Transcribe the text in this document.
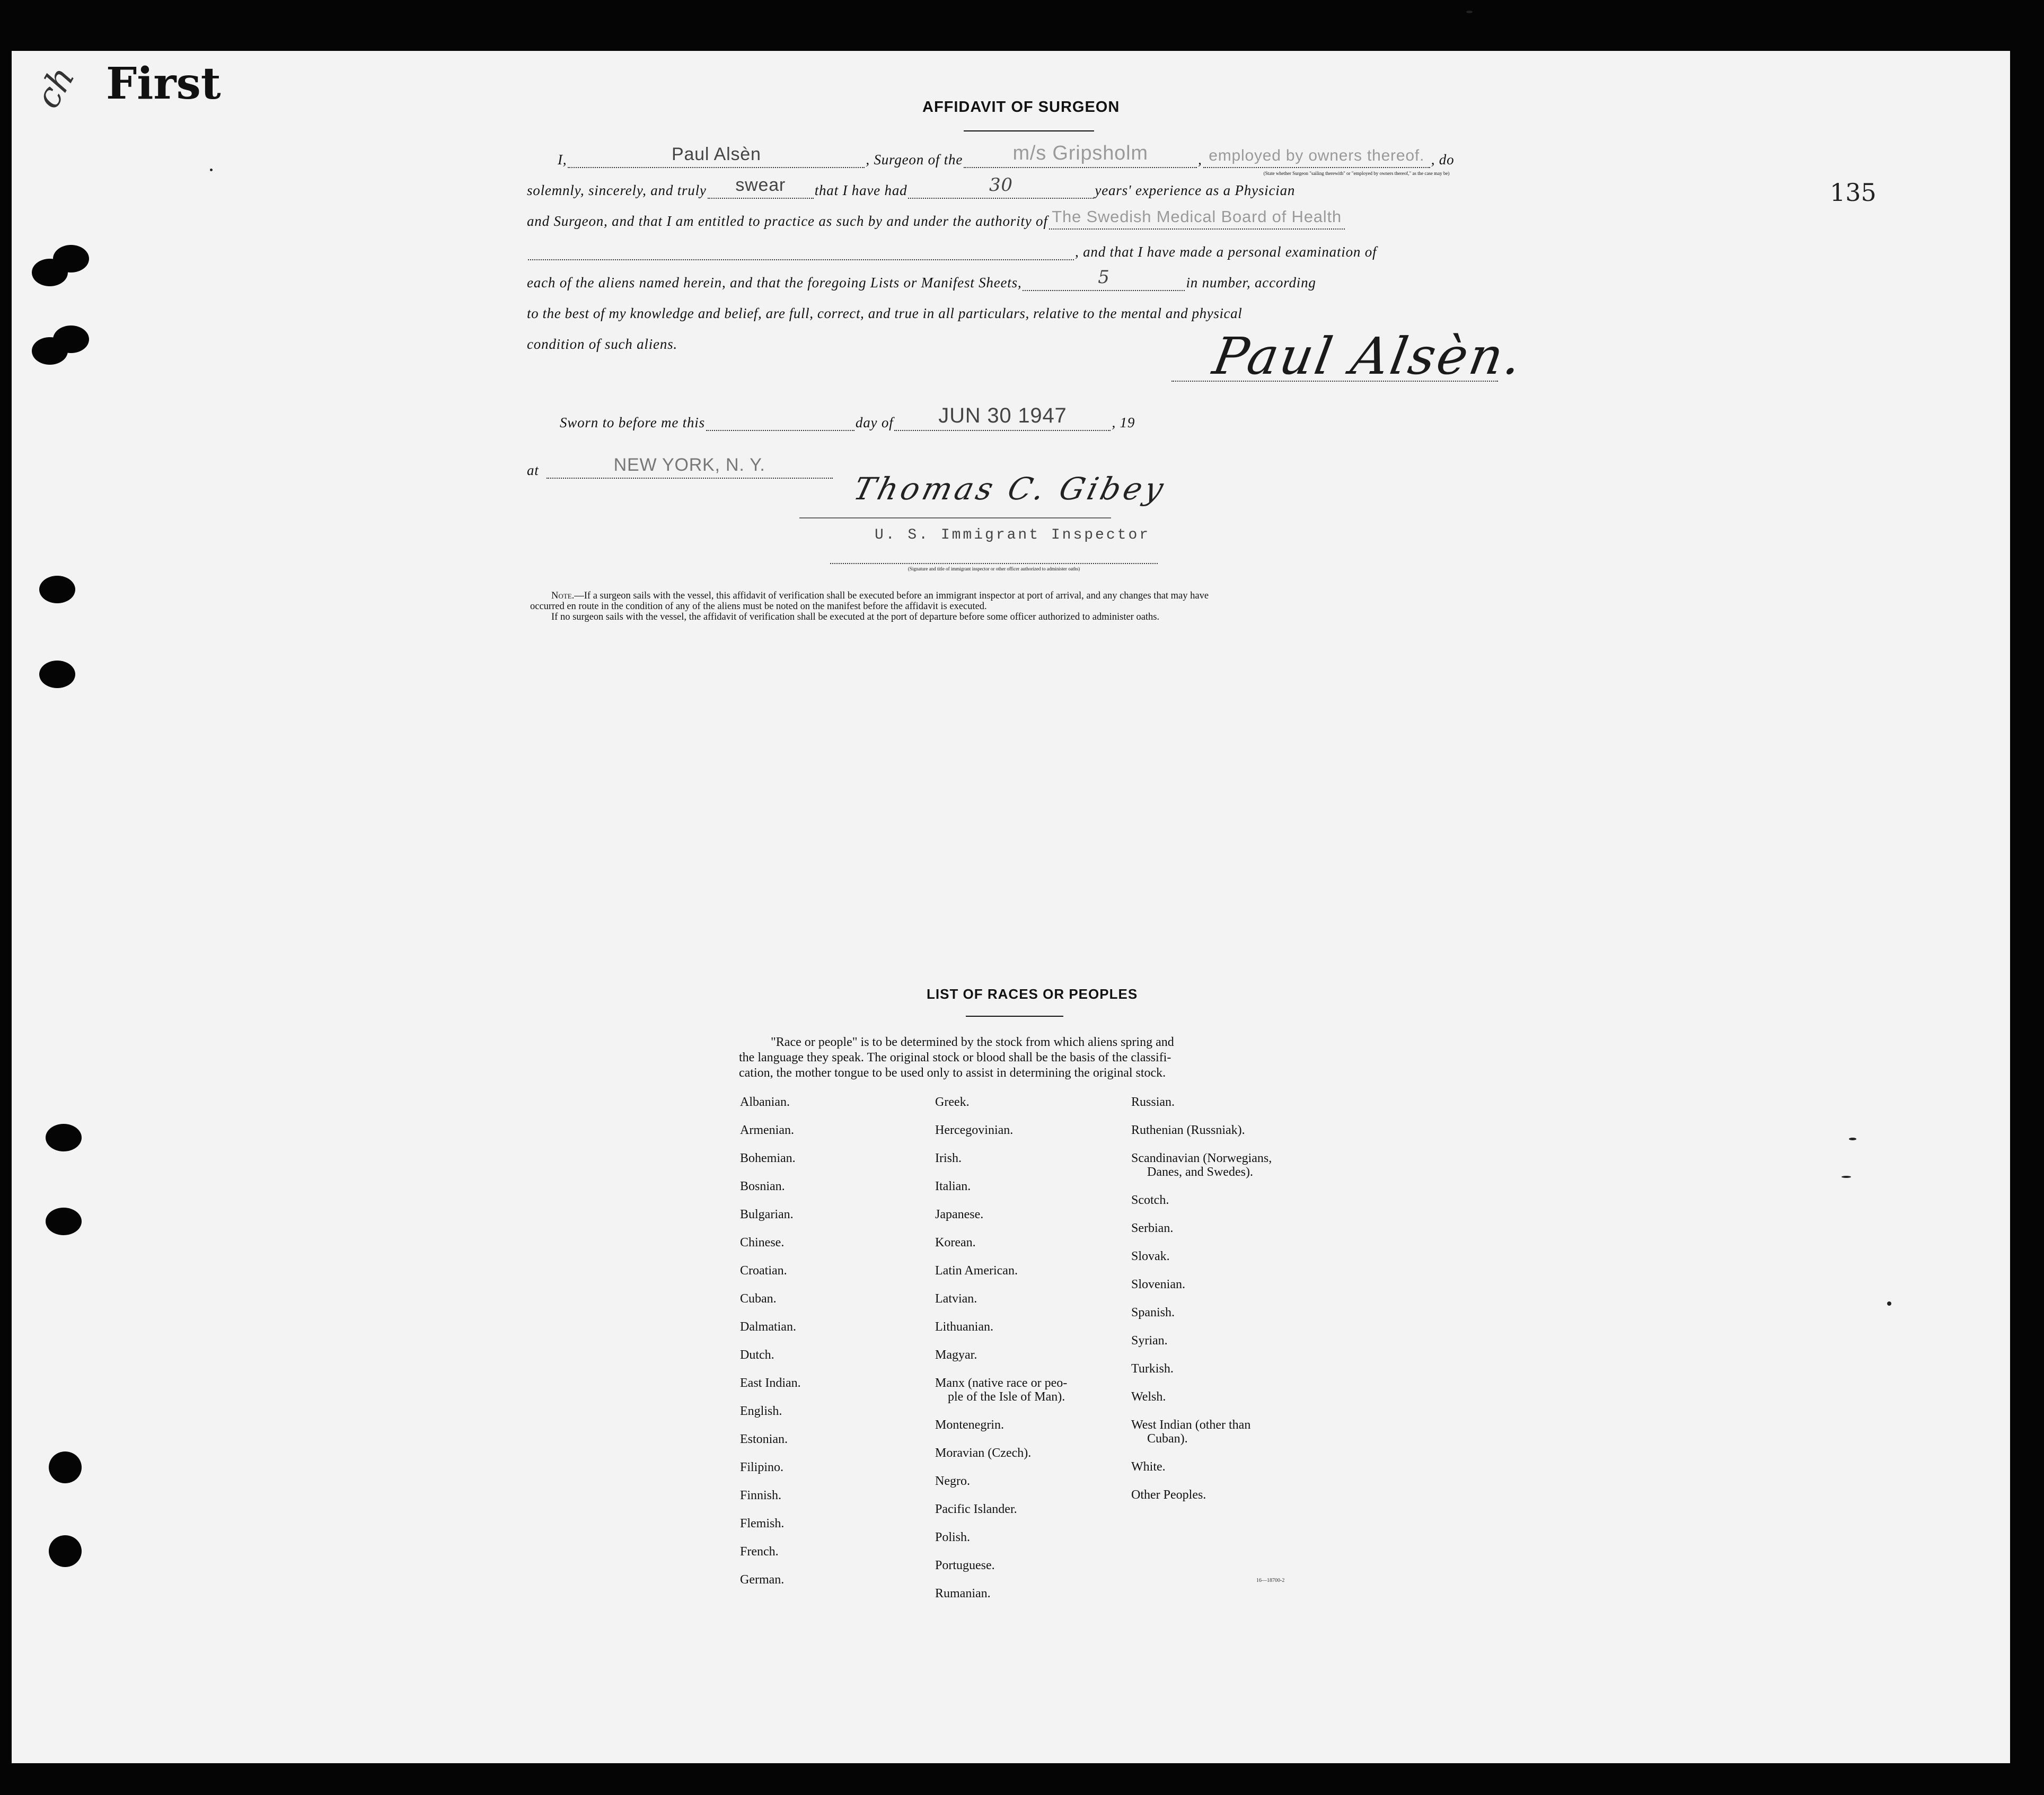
ch First
135
AFFIDAVIT OF SURGEON
I,	Paul Alsèn	, Surgeon of the	m/s Gripsholm	, employed by owners thereof. , do
(State whether Surgeon "sailing therewith" or "employed by owners thereof," as the case may be)
solemnly, sincerely, and truly	swear	that I have had	30	years' experience as a Physician
and Surgeon, and that I am entitled to practice as such by and under the authority of The Swedish Medical Board of Health
, and that I have made a personal examination of
each of the aliens named herein, and that the foregoing Lists or Manifest Sheets,	5	in number, according
to the best of my knowledge and belief, are full, correct, and true in all particulars, relative to the mental and physical
condition of such aliens.	Paul Alsèn.
Sworn to before me this	day of	JUN 30 1947	, 19
at	NEW YORK, N. Y.
Thomas C. Gibey
U. S. Immigrant Inspector
(Signature and title of immigrant inspector or other officer authorized to administer oaths)
Note.—If a surgeon sails with the vessel, this affidavit of verification shall be executed before an immigrant inspector at port of arrival, and any changes that may have
occurred en route in the condition of any of the aliens must be noted on the manifest before the affidavit is executed.
If no surgeon sails with the vessel, the affidavit of verification shall be executed at the port of departure before some officer authorized to administer oaths.
LIST OF RACES OR PEOPLES
"Race or people" is to be determined by the stock from which aliens spring and
the language they speak. The original stock or blood shall be the basis of the classifi-
cation, the mother tongue to be used only to assist in determining the original stock.
Albanian.
Armenian.
Bohemian.
Bosnian.
Bulgarian.
Chinese.
Croatian.
Cuban.
Dalmatian.
Dutch.
East Indian.
English.
Estonian.
Filipino.
Finnish.
Flemish.
French.
German.
Greek.
Hercegovinian.
Irish.
Italian.
Japanese.
Korean.
Latin American.
Latvian.
Lithuanian.
Magyar.
Manx (native race or peo-
ple of the Isle of Man).
Montenegrin.
Moravian (Czech).
Negro.
Pacific Islander.
Polish.
Portuguese.
Rumanian.
Russian.
Ruthenian (Russniak).
Scandinavian (Norwegians,
Danes, and Swedes).
Scotch.
Serbian.
Slovak.
Slovenian.
Spanish.
Syrian.
Turkish.
Welsh.
West Indian (other than
Cuban).
White.
Other Peoples.
16—18700-2
